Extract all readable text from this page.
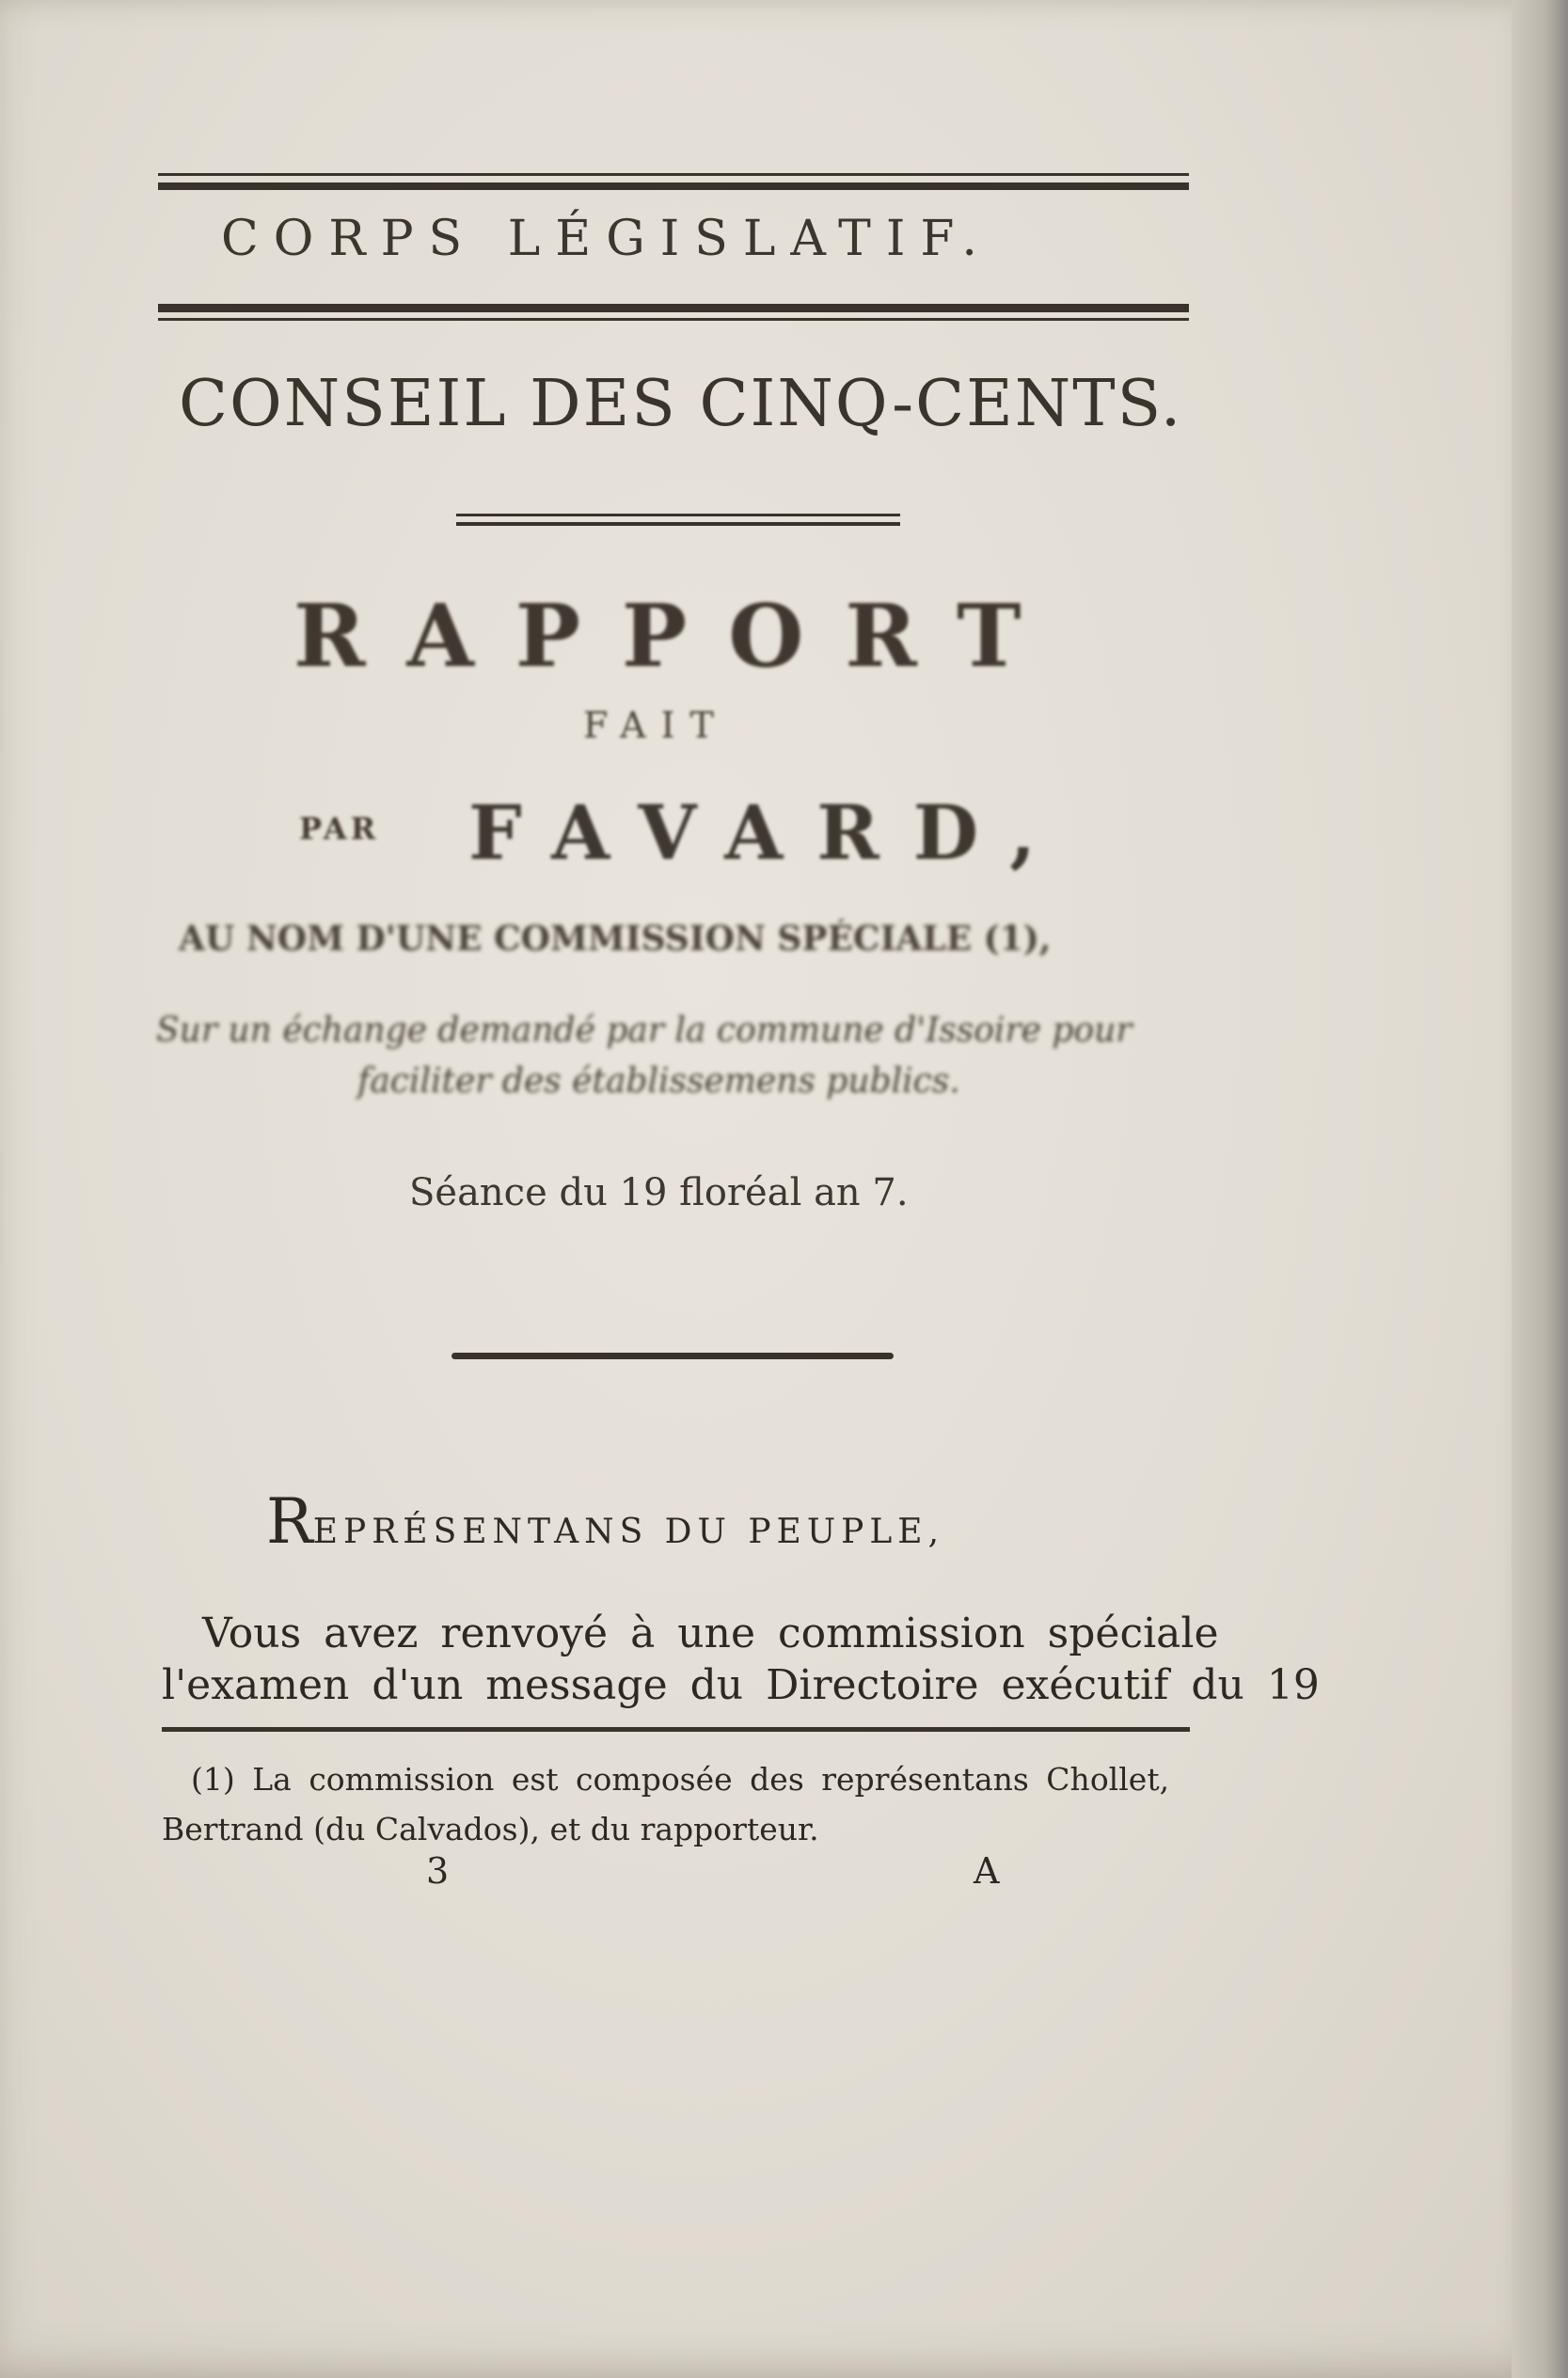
CORPS LÉGISLATIF.
CONSEIL DES CINQ-CENTS.
RAPPORT
FAIT
PAR FAVARD,
AU NOM D'UNE COMMISSION SPÉCIALE (1),
Sur un échange demandé par la commune d'Issoire pour
faciliter des établissemens publics.
Séance du 19 floréal an 7.
REPRÉSENTANS DU PEUPLE,
Vous avez renvoyé à une commission spéciale
l'examen d'un message du Directoire exécutif du 19
(1) La commission est composée des représentans Chollet,
Bertrand (du Calvados), et du rapporteur.
3	A
